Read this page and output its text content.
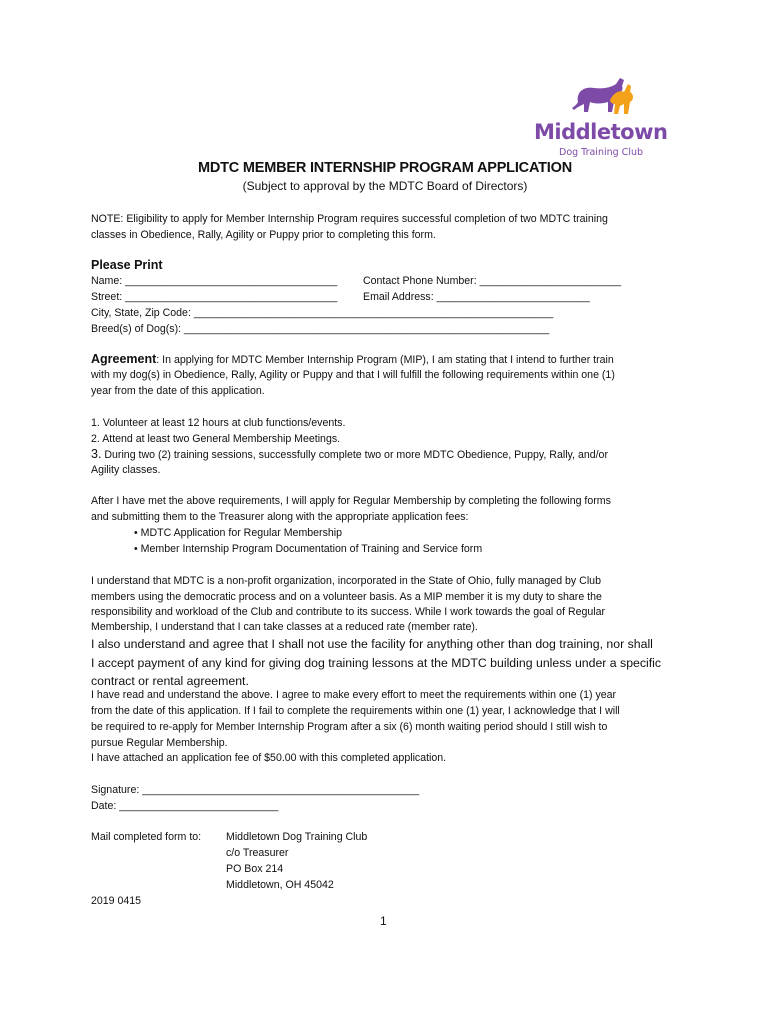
Middletown
Dog Training Club
MDTC MEMBER INTERNSHIP PROGRAM APPLICATION
(Subject to approval by the MDTC Board of Directors)
NOTE: Eligibility to apply for Member Internship Program requires successful completion of two MDTC training
classes in Obedience, Rally, Agility or Puppy prior to completing this form.
Please Print
Name: ____________________________________ Contact Phone Number: ________________________
Street: ____________________________________ Email Address: __________________________
City, State, Zip Code: _____________________________________________________________
Breed(s) of Dog(s): ______________________________________________________________
Agreement: In applying for MDTC Member Internship Program (MIP), I am stating that I intend to further train
with my dog(s) in Obedience, Rally, Agility or Puppy and that I will fulfill the following requirements within one (1)
year from the date of this application.
1. Volunteer at least 12 hours at club functions/events.
2. Attend at least two General Membership Meetings.
3. During two (2) training sessions, successfully complete two or more MDTC Obedience, Puppy, Rally, and/or
Agility classes.
After I have met the above requirements, I will apply for Regular Membership by completing the following forms
and submitting them to the Treasurer along with the appropriate application fees:
• MDTC Application for Regular Membership
• Member Internship Program Documentation of Training and Service form
I understand that MDTC is a non-profit organization, incorporated in the State of Ohio, fully managed by Club
members using the democratic process and on a volunteer basis. As a MIP member it is my duty to share the
responsibility and workload of the Club and contribute to its success. While I work towards the goal of Regular
Membership, I understand that I can take classes at a reduced rate (member rate).
I also understand and agree that I shall not use the facility for anything other than dog training, nor shall
I accept payment of any kind for giving dog training lessons at the MDTC building unless under a specific
contract or rental agreement.
I have read and understand the above. I agree to make every effort to meet the requirements within one (1) year
from the date of this application. If I fail to complete the requirements within one (1) year, I acknowledge that I will
be required to re-apply for Member Internship Program after a six (6) month waiting period should I still wish to
pursue Regular Membership.
I have attached an application fee of $50.00 with this completed application.
Signature: _______________________________________________
Date: ___________________________
Mail completed form to: Middletown Dog Training Club
c/o Treasurer
PO Box 214
Middletown, OH 45042
2019 0415
1
